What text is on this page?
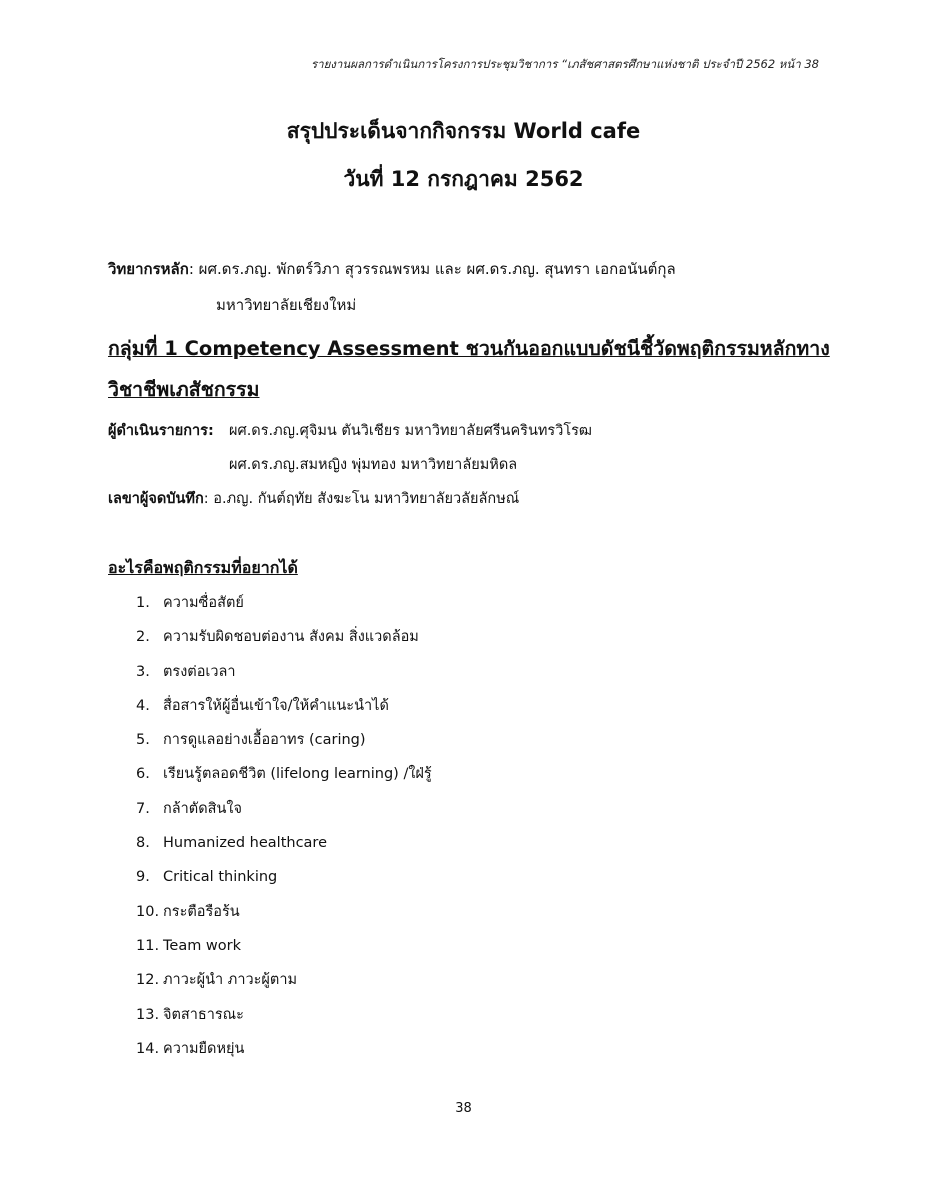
รายงานผลการดำเนินการโครงการประชุมวิชาการ “เภสัชศาสตรศึกษาแห่งชาติ ประจำปี 2562 หน้า 38
สรุปประเด็นจากกิจกรรม World cafe
วันที่ 12 กรกฎาคม 2562
วิทยากรหลัก: ผศ.ดร.ภญ. พักตร์วิภา สุวรรณพรหม และ ผศ.ดร.ภญ. สุนทรา เอกอนันต์กุล
มหาวิทยาลัยเชียงใหม่
กลุ่มที่ 1 Competency Assessment ชวนกันออกแบบดัชนีชี้วัดพฤติกรรมหลักทาง
วิชาชีพเภสัชกรรม
ผู้ดำเนินรายการ: ผศ.ดร.ภญ.ศุจิมน ตันวิเชียร มหาวิทยาลัยศรีนครินทรวิโรฒ
ผศ.ดร.ภญ.สมหญิง พุ่มทอง มหาวิทยาลัยมหิดล
เลขาผู้จดบันทึก: อ.ภญ. กันต์ฤทัย สังฆะโน มหาวิทยาลัยวลัยลักษณ์
อะไรคือพฤติกรรมที่อยากได้
1. ความซื่อสัตย์
2. ความรับผิดชอบต่องาน สังคม สิ่งแวดล้อม
3. ตรงต่อเวลา
4. สื่อสารให้ผู้อื่นเข้าใจ/ให้คำแนะนำได้
5. การดูแลอย่างเอื้ออาทร (caring)
6. เรียนรู้ตลอดชีวิต (lifelong learning) /ใฝ่รู้
7. กล้าตัดสินใจ
8. Humanized healthcare
9. Critical thinking
10. กระตือรือร้น
11. Team work
12. ภาวะผู้นำ ภาวะผู้ตาม
13. จิตสาธารณะ
14. ความยืดหยุ่น
38
